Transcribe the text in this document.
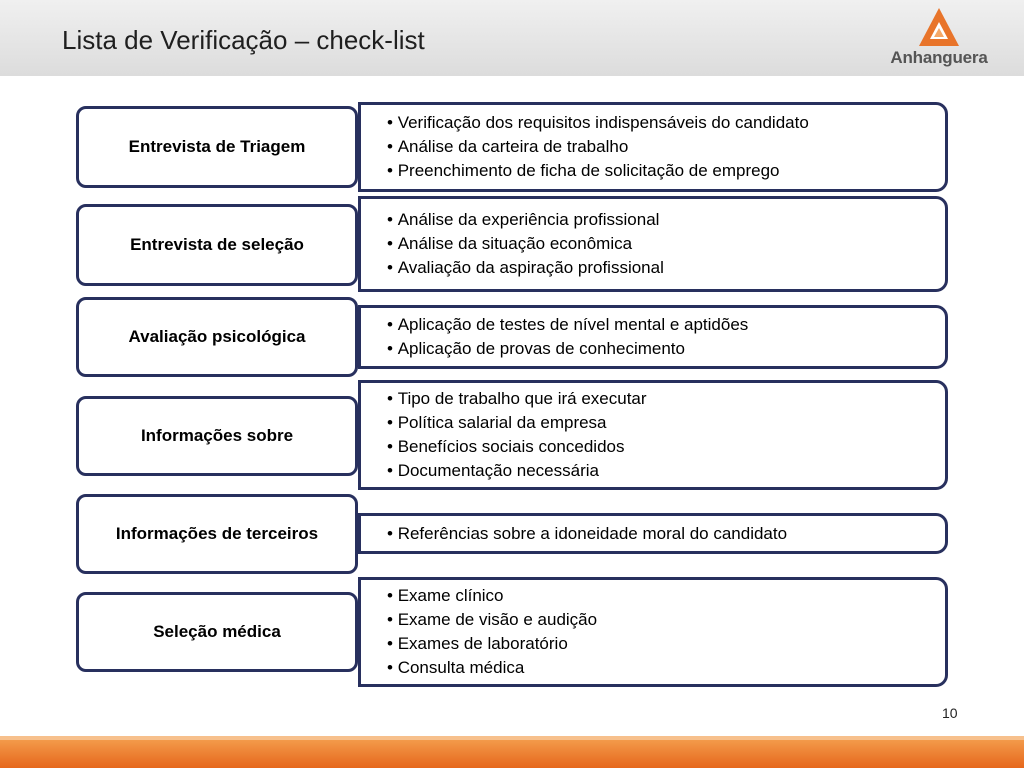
Lista de Verificação – check-list
Anhanguera
Entrevista de Triagem
• Verificação dos requisitos indispensáveis do candidato
• Análise da carteira de trabalho
• Preenchimento de ficha de solicitação de emprego
Entrevista de seleção
• Análise da experiência profissional
• Análise da situação econômica
• Avaliação da aspiração profissional
Avaliação psicológica
• Aplicação de testes de nível mental e aptidões
• Aplicação de provas de conhecimento
Informações sobre
• Tipo de trabalho que irá executar
• Política salarial da empresa
• Benefícios sociais concedidos
• Documentação necessária
Informações de terceiros
•	Referências sobre a idoneidade moral do candidato
Seleção médica
• Exame clínico
• Exame de visão e audição
• Exames de laboratório
• Consulta médica
10
